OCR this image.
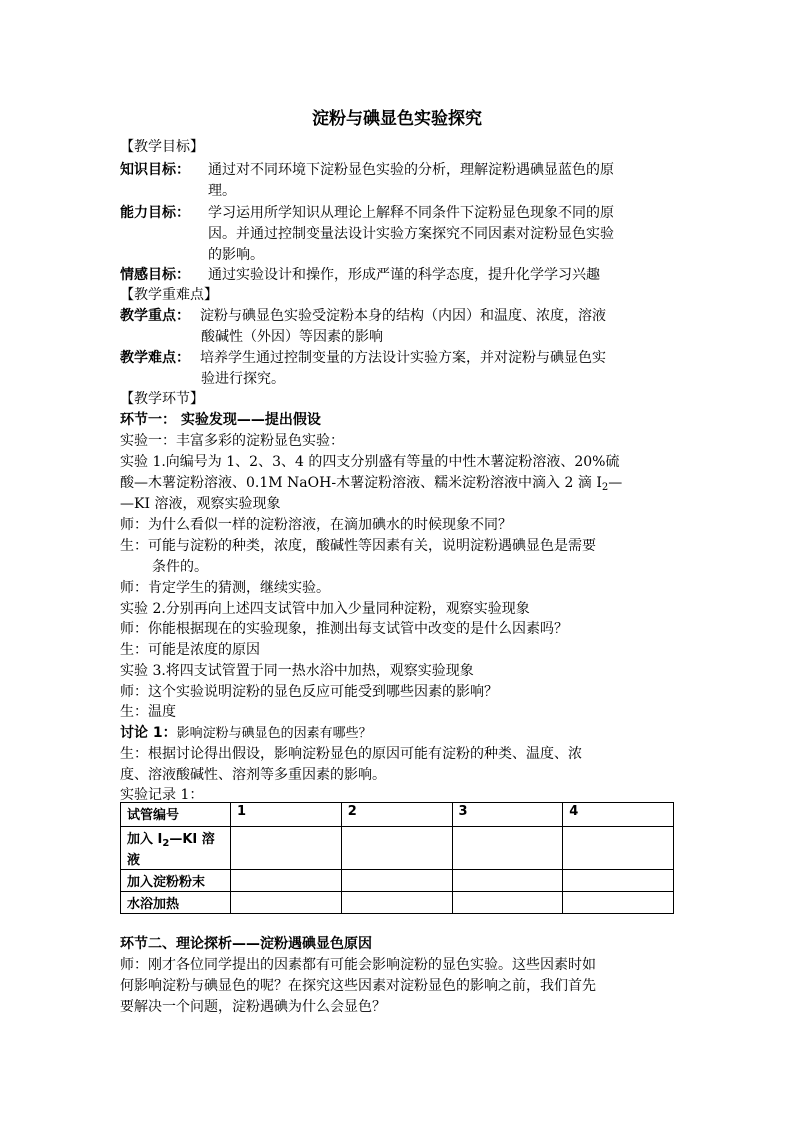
淀粉与碘显色实验探究
【教学目标】
知识目标： 通过对不同环境下淀粉显色实验的分析，理解淀粉遇碘显蓝色的原
理。
能力目标： 学习运用所学知识从理论上解释不同条件下淀粉显色现象不同的原
因。并通过控制变量法设计实验方案探究不同因素对淀粉显色实验
的影响。
情感目标： 通过实验设计和操作，形成严谨的科学态度，提升化学学习兴趣
【教学重难点】
教学重点： 淀粉与碘显色实验受淀粉本身的结构（内因）和温度、浓度，溶液
酸碱性（外因）等因素的影响
教学难点： 培养学生通过控制变量的方法设计实验方案，并对淀粉与碘显色实
验进行探究。
【教学环节】
环节一： 实验发现——提出假设
实验一：丰富多彩的淀粉显色实验：
实验 1.向编号为 1、2、3、4 的四支分别盛有等量的中性木薯淀粉溶液、20%硫
酸—木薯淀粉溶液、0.1M NaOH-木薯淀粉溶液、糯米淀粉溶液中滴入 2 滴 $I_2—$
—KI 溶液，观察实验现象
师：为什么看似一样的淀粉溶液，在滴加碘水的时候现象不同？
生：可能与淀粉的种类，浓度，酸碱性等因素有关，说明淀粉遇碘显色是需要
条件的。
师：肯定学生的猜测，继续实验。
实验 2.分别再向上述四支试管中加入少量同种淀粉，观察实验现象
师：你能根据现在的实验现象，推测出每支试管中改变的是什么因素吗？
生：可能是浓度的原因
实验 3.将四支试管置于同一热水浴中加热，观察实验现象
师：这个实验说明淀粉的显色反应可能受到哪些因素的影响？
生：温度
讨论 1：影响淀粉与碘显色的因素有哪些？
生：根据讨论得出假设，影响淀粉显色的原因可能有淀粉的种类、温度、浓
度、溶液酸碱性、溶剂等多重因素的影响。
实验记录 1：
试管编号	1	2	3	4
加入 $I_2—KI$ 溶
液				
加入淀粉粉末				
水浴加热				
环节二、理论探析——淀粉遇碘显色原因
师：刚才各位同学提出的因素都有可能会影响淀粉的显色实验。这些因素时如
何影响淀粉与碘显色的呢？在探究这些因素对淀粉显色的影响之前，我们首先
要解决一个问题，淀粉遇碘为什么会显色？
